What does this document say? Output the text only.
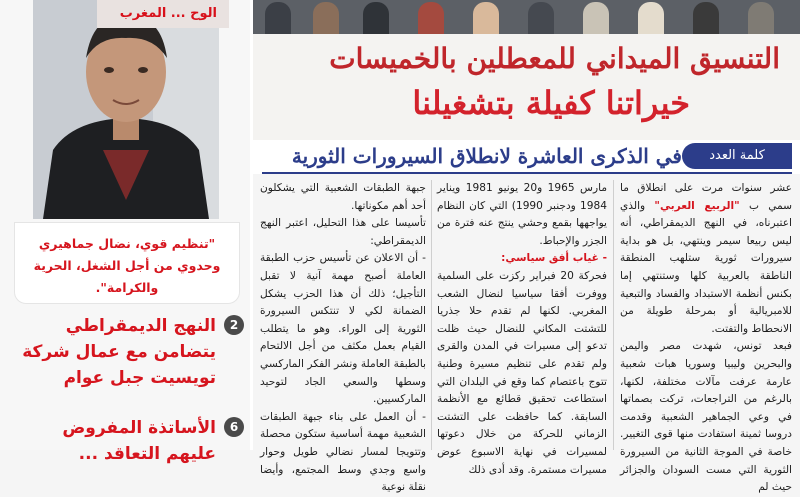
الوح ... المغرب
"تنظيم قوي، نضال جماهيري وحدوي من أجل الشغل، الحرية والكرامة".
2
النهج الديمقراطي يتضامن مع عمال شركة تويسيت جبل عوام
6
الأساتذة المفروض عليهم التعاقد ...
التنسيق الميداني للمعطلين بالخميسات
خيراتنا كفيلة بتشغيلنا
كلمة العدد
في الذكرى العاشرة لانطلاق السيرورات الثورية

عشر سنوات مرت على انطلاق ما سمي ب "الربيع العربي" والذي اعتبرناه، في النهج الديمقراطي، أنه ليس ربيعا سيمر وينتهي، بل هو بداية سيرورات ثورية ستلهب المنطقة الناطقة بالعربية كلها وستنتهي إما بكنس أنظمة الاستبداد والفساد والتبعية للامبريالية أو بمرحلة طويلة من الانحطاط والتفتت.

فبعد تونس، شهدت مصر واليمن والبحرين وليبيا وسوريا هبات شعبية عارمة عرفت مآلات مختلفة، لكنها، بالرغم من التراجعات، تركت بصماتها في وعي الجماهير الشعبية وقدمت دروسا ثمينة استفادت منها قوى التغيير. خاصة في الموجة الثانية من السيرورة الثورية التي مست السودان والجزائر حيث لم

مارس 1965 و20 يونيو 1981 ويناير 1984 ودجنبر 1990) التي كان النظام يواجهها بقمع وحشي ينتج عنه فترة من الجزر والإحباط.

- غياب أفق سياسي:

فحركة 20 فبراير ركزت على السلمية ووفرت أفقا سياسيا لنضال الشعب المغربي. لكنها لم تقدم حلا جذريا للتشتت المكاني للنضال حيث ظلت تدعو إلى مسيرات في المدن والقرى ولم تقدم على تنظيم مسيرة وطنية تتوج باعتصام كما وقع في البلدان التي استطاعت تحقيق قطائع مع الأنظمة السابقة. كما حافظت على التشتت الزماني للحركة من خلال دعوتها لمسيرات في نهاية الاسبوع عوض مسيرات مستمرة. وقد أدى ذلك

جبهة الطبقات الشعبية التي يشكلون أحد أهم مكوناتها.

تأسيسا على هذا التحليل، اعتبر النهج الديمقراطي:

- أن الاعلان عن تأسيس حزب الطبقة العاملة أصبح مهمة آنية لا تقبل التأجيل؛ ذلك أن هذا الحزب يشكل الضمانة لكي لا تنتكس السيرورة الثورية إلى الوراء. وهو ما يتطلب القيام بعمل مكثف من أجل الالتحام بالطبقة العاملة ونشر الفكر الماركسي وسطها والسعي الجاد لتوحيد الماركسيين.

- أن العمل على بناء جبهة الطبقات الشعبية مهمة أساسية ستكون محصلة وتتويجا لمسار نضالي طويل وحوار واسع وجدي وسط المجتمع، وأيضا نقلة نوعية
